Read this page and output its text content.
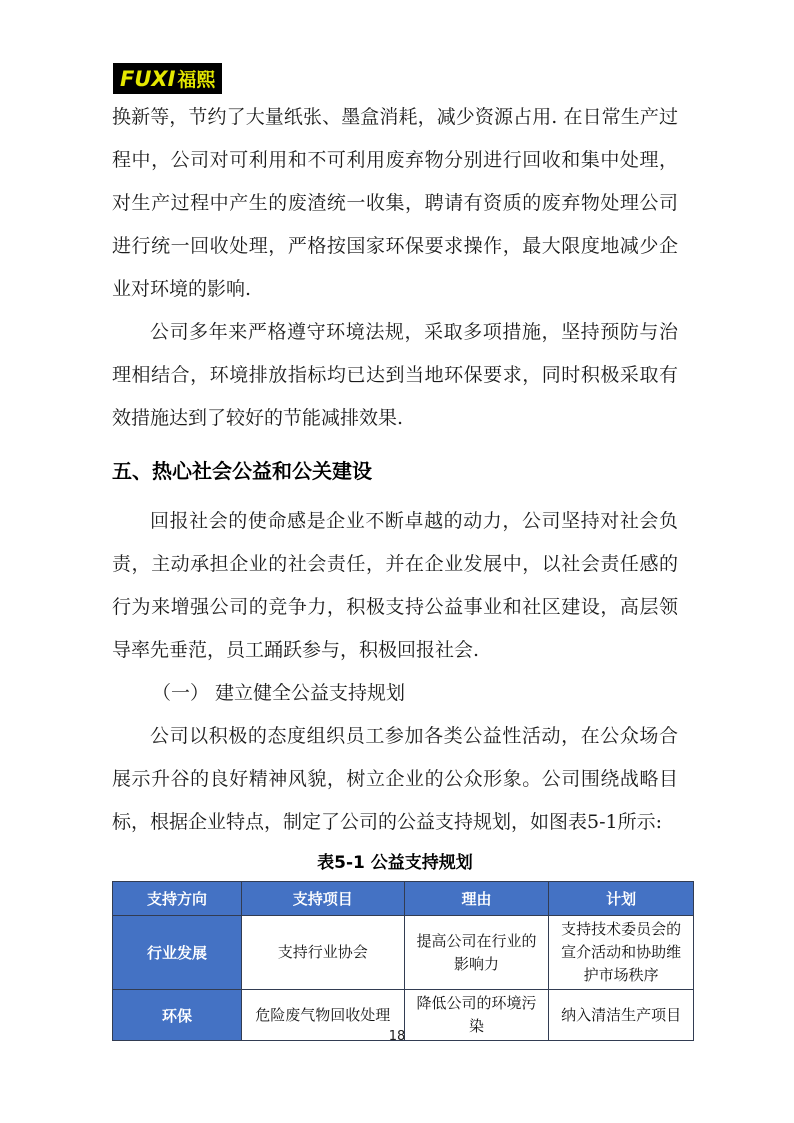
FUXI 福熙

换新等，节约了大量纸张、墨盒消耗，减少资源占用. 在日常生产过程中，公司对可利用和不可利用废弃物分别进行回收和集中处理，对生产过程中产生的废渣统一收集，聘请有资质的废弃物处理公司进行统一回收处理，严格按国家环保要求操作，最大限度地减少企业对环境的影响.

公司多年来严格遵守环境法规，采取多项措施，坚持预防与治理相结合，环境排放指标均已达到当地环保要求，同时积极采取有效措施达到了较好的节能减排效果.

五、热心社会公益和公关建设

回报社会的使命感是企业不断卓越的动力，公司坚持对社会负责，主动承担企业的社会责任，并在企业发展中，以社会责任感的行为来增强公司的竞争力，积极支持公益事业和社区建设，高层领导率先垂范，员工踊跃参与，积极回报社会.

（一） 建立健全公益支持规划

公司以积极的态度组织员工参加各类公益性活动，在公众场合展示升谷的良好精神风貌，树立企业的公众形象。公司围绕战略目标，根据企业特点，制定了公司的公益支持规划，如图表5-1所示:

表5-1 公益支持规划
支持方向	支持项目	理由	计划
行业发展	支持行业协会	提高公司在行业的影响力	支持技术委员会的宣介活动和协助维护市场秩序
环保	危险废气物回收处理	降低公司的环境污染	纳入清洁生产项目
18
